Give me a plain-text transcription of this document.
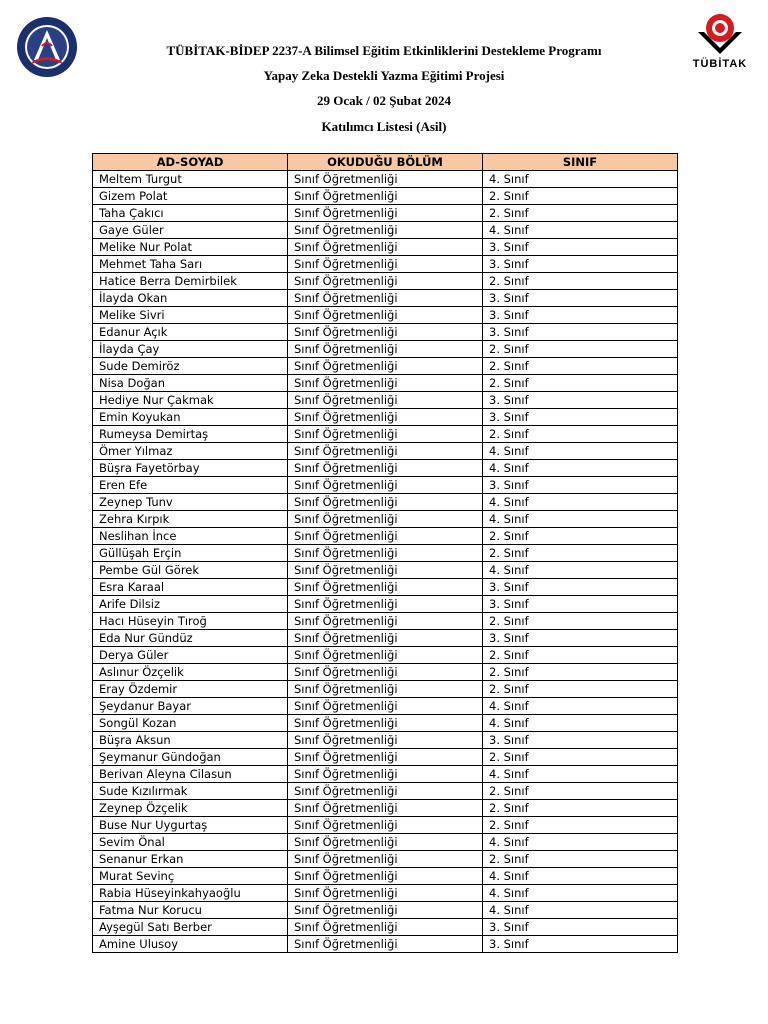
TÜBİTAK
TÜBİTAK-BİDEP 2237-A Bilimsel Eğitim Etkinliklerini Destekleme Programı
Yapay Zeka Destekli Yazma Eğitimi Projesi
29 Ocak / 02 Şubat 2024
Katılımcı Listesi (Asil)
AD-SOYAD	OKUDUĞU BÖLÜM	SINIF
Meltem Turgut	Sınıf Öğretmenliği	4. Sınıf
Gizem Polat	Sınıf Öğretmenliği	2. Sınıf
Taha Çakıcı	Sınıf Öğretmenliği	2. Sınıf
Gaye Güler	Sınıf Öğretmenliği	4. Sınıf
Melike Nur Polat	Sınıf Öğretmenliği	3. Sınıf
Mehmet Taha Sarı	Sınıf Öğretmenliği	3. Sınıf
Hatice Berra Demirbilek	Sınıf Öğretmenliği	2. Sınıf
İlayda Okan	Sınıf Öğretmenliği	3. Sınıf
Melike Sivri	Sınıf Öğretmenliği	3. Sınıf
Edanur Açık	Sınıf Öğretmenliği	3. Sınıf
İlayda Çay	Sınıf Öğretmenliği	2. Sınıf
Sude Demiröz	Sınıf Öğretmenliği	2. Sınıf
Nisa Doğan	Sınıf Öğretmenliği	2. Sınıf
Hediye Nur Çakmak	Sınıf Öğretmenliği	3. Sınıf
Emin Koyukan	Sınıf Öğretmenliği	3. Sınıf
Rumeysa Demirtaş	Sınıf Öğretmenliği	2. Sınıf
Ömer Yılmaz	Sınıf Öğretmenliği	4. Sınıf
Büşra Fayetörbay	Sınıf Öğretmenliği	4. Sınıf
Eren Efe	Sınıf Öğretmenliği	3. Sınıf
Zeynep Tunv	Sınıf Öğretmenliği	4. Sınıf
Zehra Kırpık	Sınıf Öğretmenliği	4. Sınıf
Neslihan İnce	Sınıf Öğretmenliği	2. Sınıf
Güllüşah Erçin	Sınıf Öğretmenliği	2. Sınıf
Pembe Gül Görek	Sınıf Öğretmenliği	4. Sınıf
Esra Karaal	Sınıf Öğretmenliği	3. Sınıf
Arife Dilsiz	Sınıf Öğretmenliği	3. Sınıf
Hacı Hüseyin Tıroğ	Sınıf Öğretmenliği	2. Sınıf
Eda Nur Gündüz	Sınıf Öğretmenliği	3. Sınıf
Derya Güler	Sınıf Öğretmenliği	2. Sınıf
Aslınur Özçelik	Sınıf Öğretmenliği	2. Sınıf
Eray Özdemir	Sınıf Öğretmenliği	2. Sınıf
Şeydanur Bayar	Sınıf Öğretmenliği	4. Sınıf
Songül Kozan	Sınıf Öğretmenliği	4. Sınıf
Büşra Aksun	Sınıf Öğretmenliği	3. Sınıf
Şeymanur Gündoğan	Sınıf Öğretmenliği	2. Sınıf
Berivan Aleyna Cilasun	Sınıf Öğretmenliği	4. Sınıf
Sude Kızılırmak	Sınıf Öğretmenliği	2. Sınıf
Zeynep Özçelik	Sınıf Öğretmenliği	2. Sınıf
Buse Nur Uygurtaş	Sınıf Öğretmenliği	2. Sınıf
Sevim Önal	Sınıf Öğretmenliği	4. Sınıf
Senanur Erkan	Sınıf Öğretmenliği	2. Sınıf
Murat Sevinç	Sınıf Öğretmenliği	4. Sınıf
Rabia Hüseyinkahyaoğlu	Sınıf Öğretmenliği	4. Sınıf
Fatma Nur Korucu	Sınıf Öğretmenliği	4. Sınıf
Ayşegül Satı Berber	Sınıf Öğretmenliği	3. Sınıf
Amine Ulusoy	Sınıf Öğretmenliği	3. Sınıf
